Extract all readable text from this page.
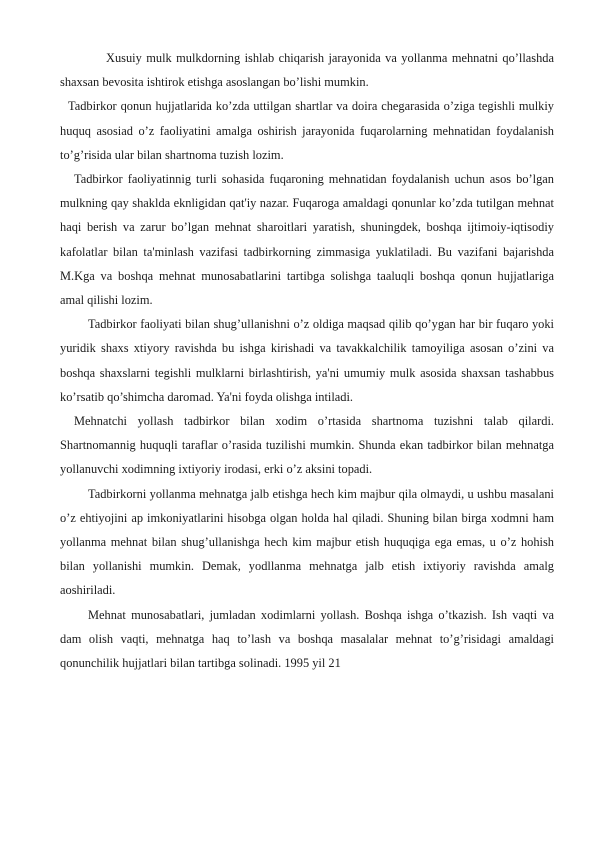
Xusuiy mulk mulkdorning ishlab chiqarish jarayonida va yollanma mehnatni qo’llashda shaxsan bevosita ishtirok etishga asoslangan bo’lishi mumkin.

Tadbirkor qonun hujjatlarida ko’zda uttilgan shartlar va doira chegarasida o’ziga tegishli mulkiy huquq asosiad o’z faoliyatini amalga oshirish jarayonida fuqarolarning mehnatidan foydalanish to’g’risida ular bilan shartnoma tuzish lozim.

Tadbirkor faoliyatinnig turli sohasida fuqaroning mehnatidan foydalanish uchun asos bo’lgan mulkning qay shaklda eknligidan qat'iy nazar. Fuqaroga amaldagi qonunlar ko’zda tutilgan mehnat haqi berish va zarur bo’lgan mehnat sharoitlari yaratish, shuningdek, boshqa ijtimoiy-iqtisodiy kafolatlar bilan ta'minlash vazifasi tadbirkorning zimmasiga yuklatiladi. Bu vazifani bajarishda M.Kga va boshqa mehnat munosabatlarini tartibga solishga taaluqli boshqa qonun hujjatlariga amal qilishi lozim.

Tadbirkor faoliyati bilan shug’ullanishni o’z oldiga maqsad qilib qo’ygan har bir fuqaro yoki yuridik shaxs xtiyory ravishda bu ishga kirishadi va tavakkalchilik tamoyiliga asosan o’zini va boshqa shaxslarni tegishli mulklarni birlashtirish, ya'ni umumiy mulk asosida shaxsan tashabbus ko’rsatib qo’shimcha daromad. Ya'ni foyda olishga intiladi.

Mehnatchi yollash tadbirkor bilan xodim o’rtasida shartnoma tuzishni talab qilardi. Shartnomannig huquqli taraflar o’rasida tuzilishi mumkin. Shunda ekan tadbirkor bilan mehnatga yollanuvchi xodimning ixtiyoriy irodasi, erki o’z aksini topadi.

Tadbirkorni yollanma mehnatga jalb etishga hech kim majbur qila olmaydi, u ushbu masalani o’z ehtiyojini ap imkoniyatlarini hisobga olgan holda hal qiladi. Shuning bilan birga xodmni ham yollanma mehnat bilan shug’ullanishga hech kim majbur etish huquqiga ega emas, u o’z hohish bilan yollanishi mumkin. Demak, yodllanma mehnatga jalb etish ixtiyoriy ravishda amalg aoshiriladi.

Mehnat munosabatlari, jumladan xodimlarni yollash. Boshqa ishga o’tkazish. Ish vaqti va dam olish vaqti, mehnatga haq to’lash va boshqa masalalar mehnat to’g’risidagi amaldagi qonunchilik hujjatlari bilan tartibga solinadi. 1995 yil 21
